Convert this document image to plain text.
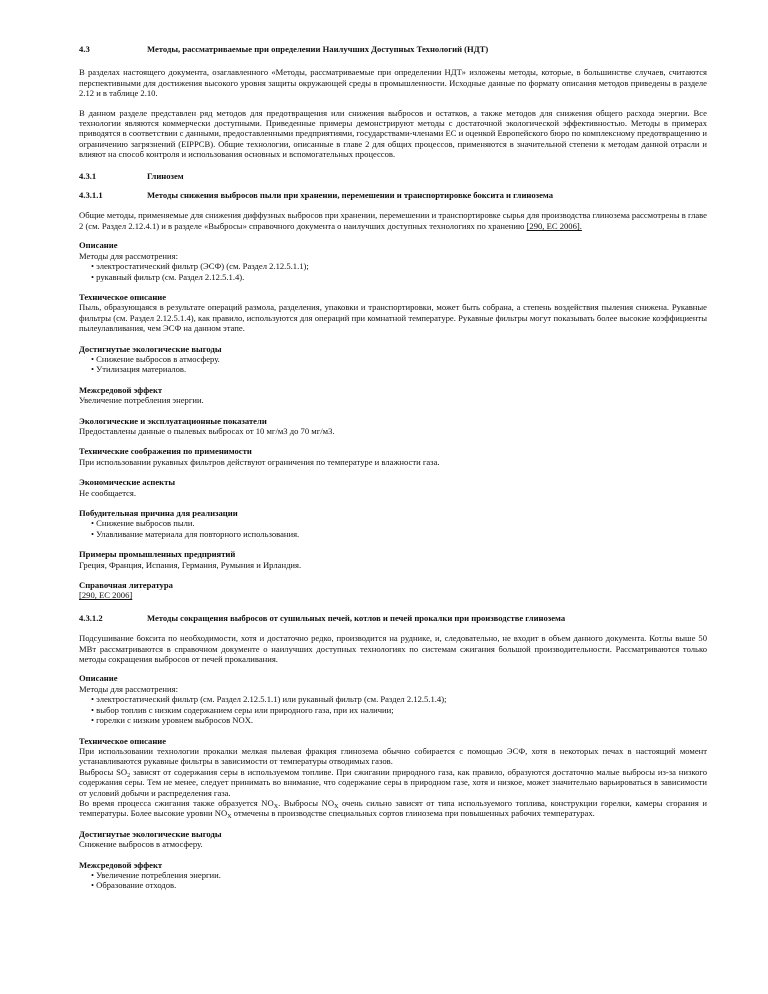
4.3	Методы, рассматриваемые при определении Наилучших Доступных Технологий (НДТ)

В разделах настоящего документа, озаглавленного «Методы, рассматриваемые при определении НДТ» изложены методы, которые, в большинстве случаев, считаются перспективными для достижения высокого уровня защиты окружающей среды в промышленности. Исходные данные по формату описания методов приведены в разделе 2.12 и в таблице 2.10.

В данном разделе представлен ряд методов для предотвращения или снижения выбросов и остатков, а также методов для снижения общего расхода энергии. Все технологии являются коммерчески доступными. Приведенные примеры демонстрируют методы с достаточной экологической эффективностью. Методы в примерах приводятся в соответствии с данными, предоставленными предприятиями, государствами-членами ЕС и оценкой Европейского бюро по комплексному предотвращению и ограничению загрязнений (EIPPCB). Общие технологии, описанные в главе 2 для общих процессов, применяются в значительной степени к методам данной отрасли и влияют на способ контроля и использования основных и вспомогательных процессов.

4.3.1	Глинозем
4.3.1.1	Методы снижения выбросов пыли при хранении, перемешении и транспортировке боксита и глинозема

Общие методы, применяемые для снижения диффузных выбросов при хранении, перемешении и транспортировке сырья для производства глинозема рассмотрены в главе 2 (см. Раздел 2.12.4.1) и в разделе «Выбросы» справочного документа о наилучших доступных технологиях по хранению [290, EC 2006].

Описание
Методы для рассмотрения:
• электростатический фильтр (ЭСФ) (см. Раздел 2.12.5.1.1);
• рукавный фильтр (см. Раздел 2.12.5.1.4).
Техническое описание

Пыль, образующаяся в результате операций размола, разделения, упаковки и транспортировки, может быть собрана, а степень воздействия пыления снижена. Рукавные фильтры (см. Раздел 2.12.5.1.4), как правило, используются для операций при комнатной температуре. Рукавные фильтры могут показывать более высокие коэффициенты пылеулавливания, чем ЭСФ на данном этапе.

Достигнутые экологические выгоды
• Снижение выбросов в атмосферу.
• Утилизация материалов.
Межсредовой эффект

Увеличение потребления энергии.

Экологические и эксплуатационные показатели

Предоставлены данные о пылевых выбросах от 10 мг/м3 до 70 мг/м3.

Технические соображения по применимости

При использовании рукавных фильтров действуют ограничения по температуре и влажности газа.

Экономические аспекты

Не сообщается.

Побудительная причина для реализации
• Снижение выбросов пыли.
• Улавливание материала для повторного использования.
Примеры промышленных предприятий

Греция, Франция, Испания, Германия, Румыния и Ирландия.

Справочная литература
[290, EC 2006]
4.3.1.2	Методы сокращения выбросов от сушильных печей, котлов и печей прокалки при производстве глинозема

Подсушивание боксита по необходимости, хотя и достаточно редко, производится на руднике, и, следовательно, не входит в объем данного документа. Котлы выше 50 МВт рассматриваются в справочном документе о наилучших доступных технологиях по системам сжигания большой производительности. Рассматриваются только методы сокращения выбросов от печей прокаливания.

Описание
Методы для рассмотрения:
• электростатический фильтр (см. Раздел 2.12.5.1.1) или рукавный фильтр (см. Раздел 2.12.5.1.4);
• выбор топлив с низким содержанием серы или природного газа, при их наличии;
• горелки с низким уровнем выбросов NOX.
Техническое описание

При использовании технологии прокалки мелкая пылевая фракция глинозема обычно собирается с помощью ЭСФ, хотя в некоторых печах в настоящий момент устанавливаются рукавные фильтры в зависимости от температуры отводимых газов.

Выбросы $SO_2$ зависят от содержания серы в используемом топливе. При сжигании природного газа, как правило, образуются достаточно малые выбросы из-за низкого содержания серы. Тем не менее, следует принимать во внимание, что содержание серы в природном газе, хотя и низкое, может значительно варьироваться в зависимости от условий добычи и распределения газа.

Во время процесса сжигания также образуется $NO_X$. Выбросы $NO_X$ очень сильно зависят от типа используемого топлива, конструкции горелки, камеры сгорания и температуры. Более высокие уровни $NO_X$ отмечены в производстве специальных сортов глинозема при повышенных рабочих температурах.

Достигнутые экологические выгоды

Снижение выбросов в атмосферу.

Межсредовой эффект
• Увеличение потребления энергии.
• Образование отходов.
